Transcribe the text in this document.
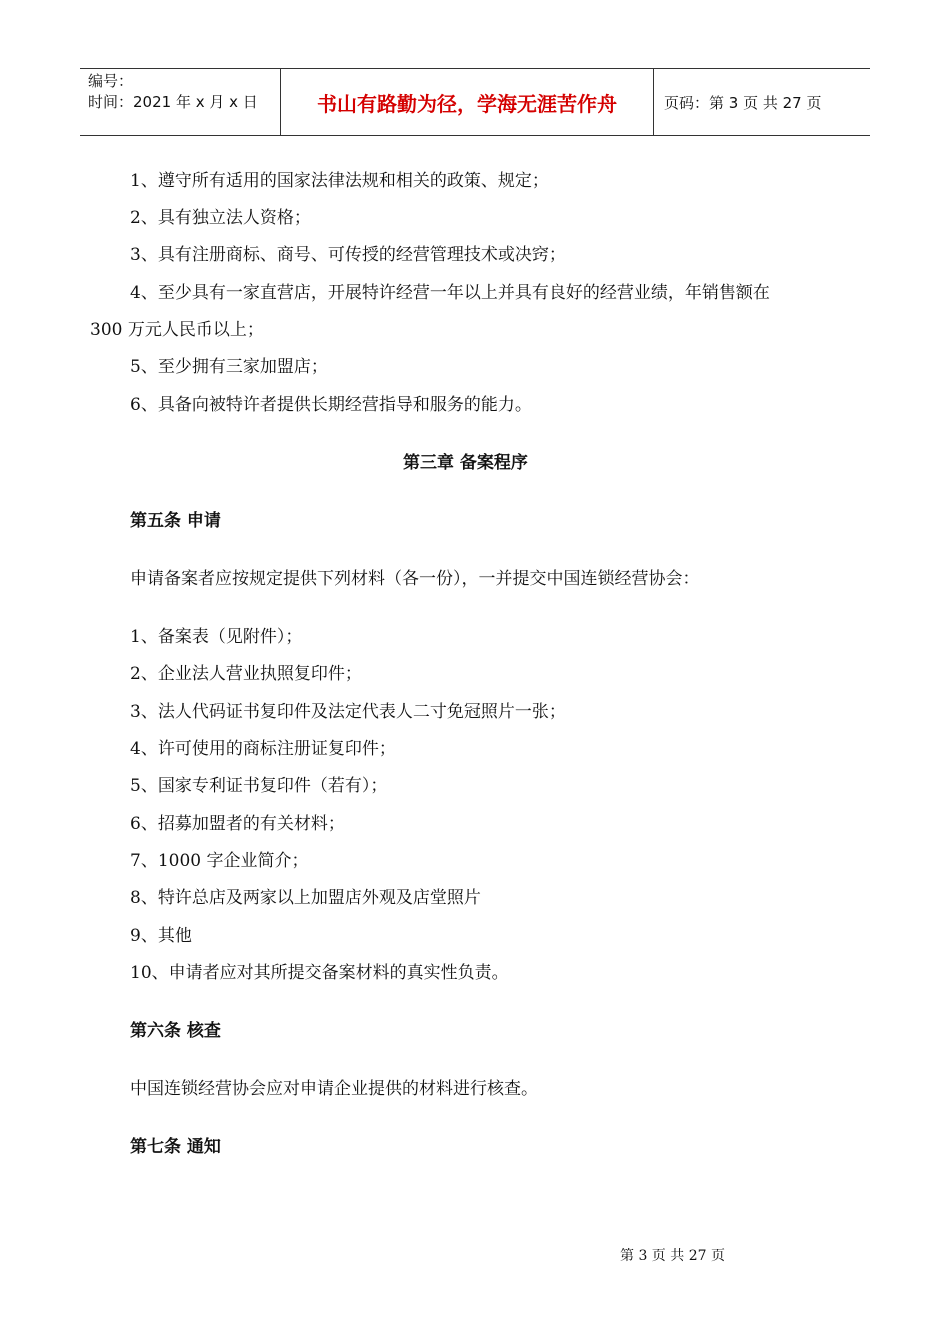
编号：
时间：2021 年 x 月 x 日	书山有路勤为径，学海无涯苦作舟	页码：第 3 页 共 27 页
1、遵守所有适用的国家法律法规和相关的政策、规定；
2、具有独立法人资格；
3、具有注册商标、商号、可传授的经营管理技术或决窍；
4、至少具有一家直营店，开展特许经营一年以上并具有良好的经营业绩，年销售额在
300 万元人民币以上；
5、至少拥有三家加盟店；
6、具备向被特许者提供长期经营指导和服务的能力。
第三章 备案程序
第五条 申请
申请备案者应按规定提供下列材料（各一份），一并提交中国连锁经营协会：
1、备案表（见附件）；
2、企业法人营业执照复印件；
3、法人代码证书复印件及法定代表人二寸免冠照片一张；
4、许可使用的商标注册证复印件；
5、国家专利证书复印件（若有）；
6、招募加盟者的有关材料；
7、1000 字企业简介；
8、特许总店及两家以上加盟店外观及店堂照片
9、其他
10、申请者应对其所提交备案材料的真实性负责。
第六条 核查
中国连锁经营协会应对申请企业提供的材料进行核查。
第七条 通知
第 3 页 共 27 页
